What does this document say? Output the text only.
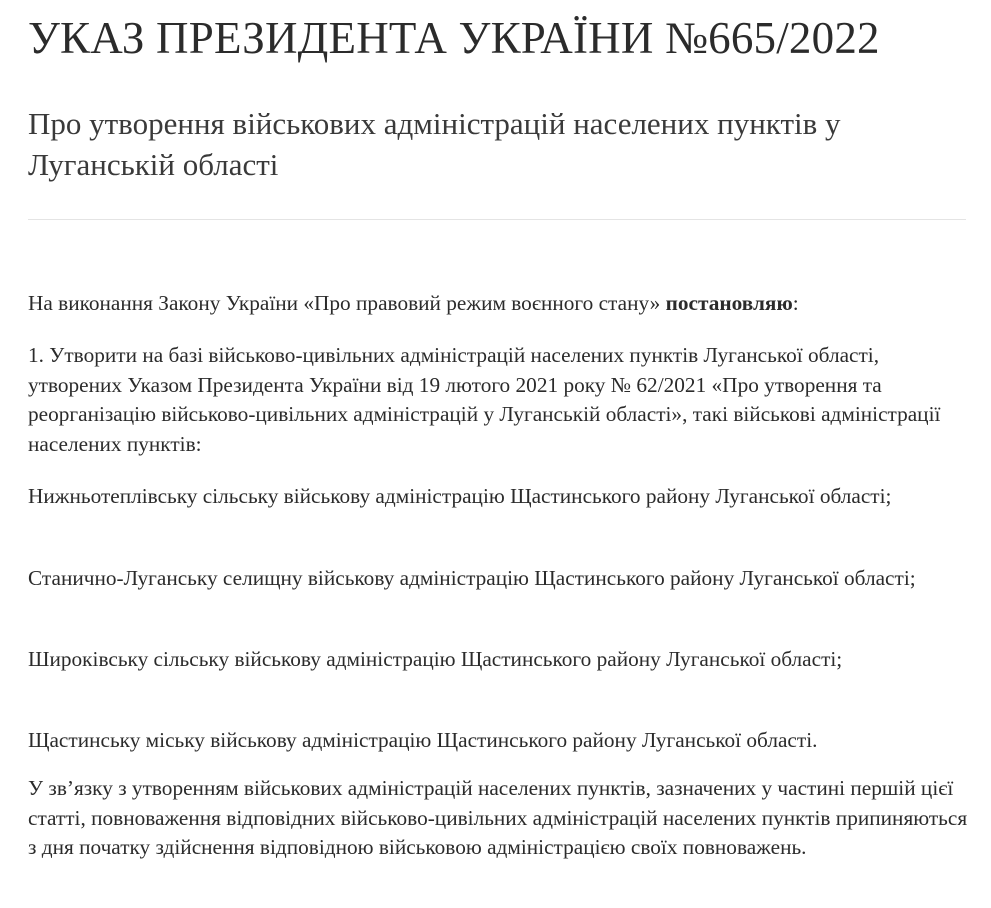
УКАЗ ПРЕЗИДЕНТА УКРАЇНИ №665/2022
Про утворення військових адміністрацій населених пунктів у Луганській області

На виконання Закону України «Про правовий режим воєнного стану» постановляю:

1. Утворити на базі військово-цивільних адміністрацій населених пунктів Луганської області, утворених Указом Президента України від 19 лютого 2021 року № 62/2021 «Про утворення та реорганізацію військово-цивільних адміністрацій у Луганській області», такі військові адміністрації населених пунктів:

Нижньотеплівську сільську військову адміністрацію Щастинського району Луганської області;

Станично-Луганську селищну військову адміністрацію Щастинського району Луганської області;

Широківську сільську військову адміністрацію Щастинського району Луганської області;

Щастинську міську військову адміністрацію Щастинського району Луганської області.

У зв’язку з утворенням військових адміністрацій населених пунктів, зазначених у частині першій цієї статті, повноваження відповідних військово-цивільних адміністрацій населених пунктів припиняються з дня початку здійснення відповідною військовою адміністрацією своїх повноважень.
